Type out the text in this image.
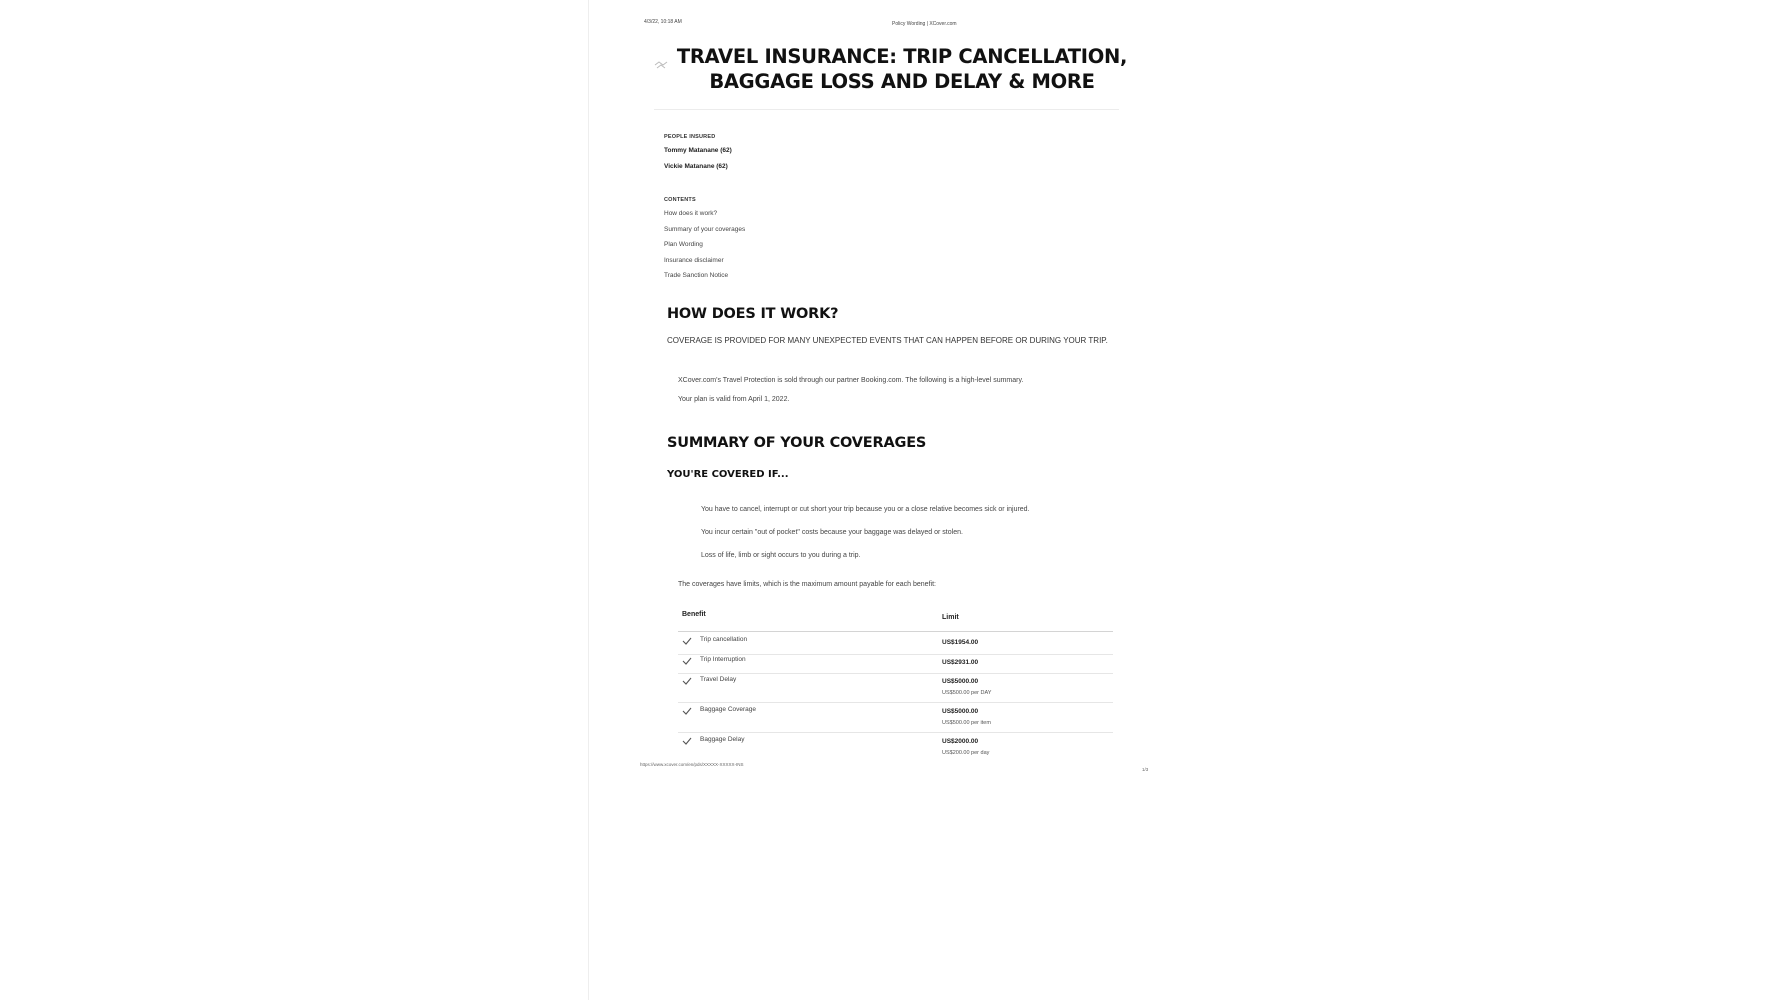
4/3/22, 10:18 AM	Policy Wording | XCover.com
TRAVEL INSURANCE: TRIP CANCELLATION,
BAGGAGE LOSS AND DELAY & MORE
PEOPLE INSURED
Tommy Matanane (62)
Vickie Matanane (62)
CONTENTS
How does it work?
Summary of your coverages
Plan Wording
Insurance disclaimer
Trade Sanction Notice
HOW DOES IT WORK?
COVERAGE IS PROVIDED FOR MANY UNEXPECTED EVENTS THAT CAN HAPPEN BEFORE OR DURING YOUR TRIP.
XCover.com's Travel Protection is sold through our partner Booking.com. The following is a high-level summary.
Your plan is valid from April 1, 2022.
SUMMARY OF YOUR COVERAGES
YOU'RE COVERED IF...
You have to cancel, interrupt or cut short your trip because you or a close relative becomes sick or injured.
You incur certain "out of pocket" costs because your baggage was delayed or stolen.
Loss of life, limb or sight occurs to you during a trip.
The coverages have limits, which is the maximum amount payable for each benefit:
Benefit	Limit
Trip cancellation	US$1954.00
Trip Interruption	US$2931.00
Travel Delay	US$5000.00
US$500.00 per DAY
Baggage Coverage	US$5000.00
US$500.00 per item
Baggage Delay	US$2000.00
US$200.00 per day
https://www.xcover.com/en/pds/XXXXX-XXXXX-INS
1/3
